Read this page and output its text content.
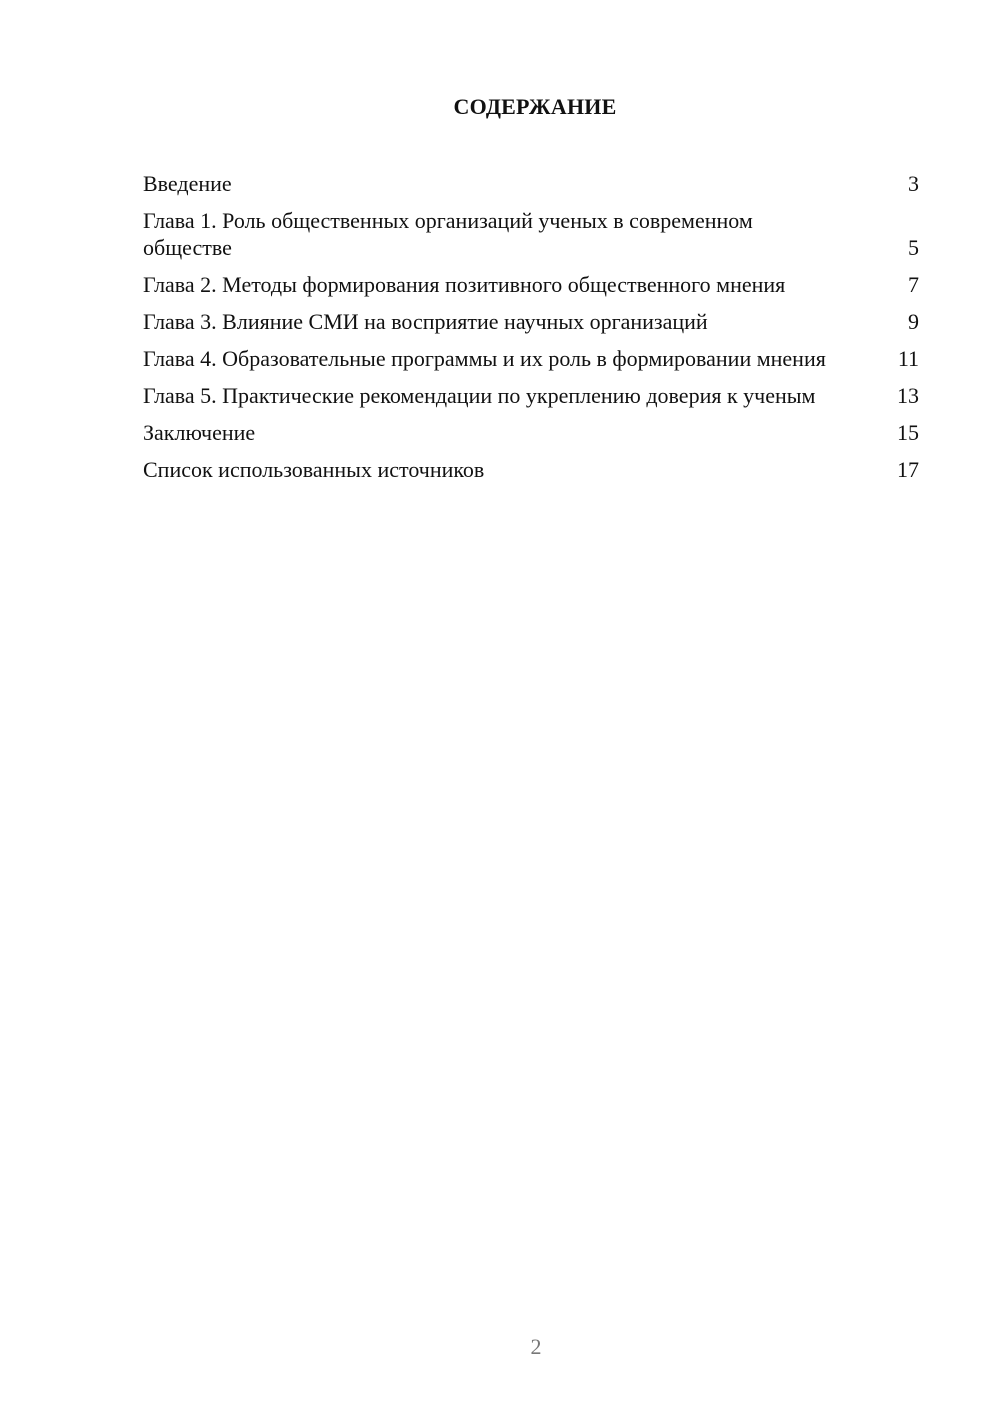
СОДЕРЖАНИЕ
Введение	3
Глава 1. Роль общественных организаций ученых в современном обществе	5
Глава 2. Методы формирования позитивного общественного мнения	7
Глава 3. Влияние СМИ на восприятие научных организаций	9
Глава 4. Образовательные программы и их роль в формировании мнения	11
Глава 5. Практические рекомендации по укреплению доверия к ученым	13
Заключение	15
Список использованных источников	17
2
